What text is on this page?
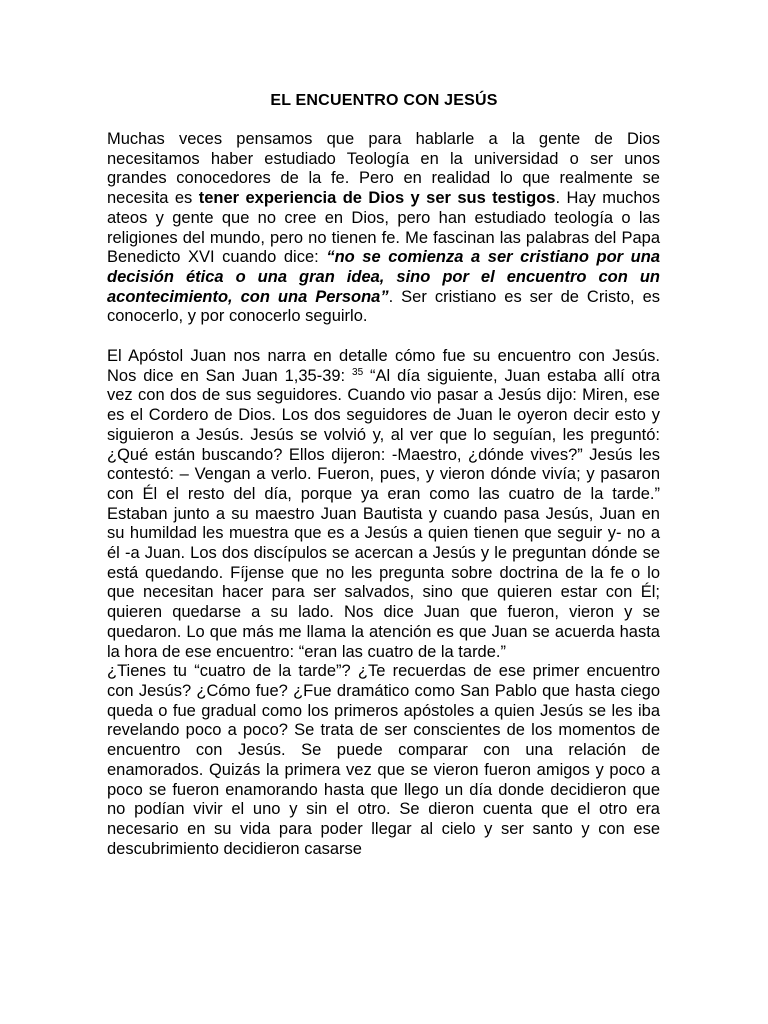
EL ENCUENTRO CON JESÚS

Muchas veces pensamos que para hablarle a la gente de Dios necesitamos haber estudiado Teología en la universidad o ser unos grandes conocedores de la fe. Pero en realidad lo que realmente se necesita es tener experiencia de Dios y ser sus testigos. Hay muchos ateos y gente que no cree en Dios, pero han estudiado teología o las religiones del mundo, pero no tienen fe. Me fascinan las palabras del Papa Benedicto XVI cuando dice: “no se comienza a ser cristiano por una decisión ética o una gran idea, sino por el encuentro con un acontecimiento, con una Persona”. Ser cristiano es ser de Cristo, es conocerlo, y por conocerlo seguirlo.

El Apóstol Juan nos narra en detalle cómo fue su encuentro con Jesús. Nos dice en San Juan 1,35-39: $^{35}$ “Al día siguiente, Juan estaba allí otra vez con dos de sus seguidores. Cuando vio pasar a Jesús dijo: Miren, ese es el Cordero de Dios. Los dos seguidores de Juan le oyeron decir esto y siguieron a Jesús. Jesús se volvió y, al ver que lo seguían, les preguntó: ¿Qué están buscando? Ellos dijeron: -Maestro, ¿dónde vives?” Jesús les contestó: – Vengan a verlo. Fueron, pues, y vieron dónde vivía; y pasaron con Él el resto del día, porque ya eran como las cuatro de la tarde.” Estaban junto a su maestro Juan Bautista y cuando pasa Jesús, Juan en su humildad les muestra que es a Jesús a quien tienen que seguir y- no a él -a Juan. Los dos discípulos se acercan a Jesús y le preguntan dónde se está quedando. Fíjense que no les pregunta sobre doctrina de la fe o lo que necesitan hacer para ser salvados, sino que quieren estar con Él; quieren quedarse a su lado. Nos dice Juan que fueron, vieron y se quedaron. Lo que más me llama la atención es que Juan se acuerda hasta la hora de ese encuentro: “eran las cuatro de la tarde.”

¿Tienes tu “cuatro de la tarde”? ¿Te recuerdas de ese primer encuentro con Jesús? ¿Cómo fue? ¿Fue dramático como San Pablo que hasta ciego queda o fue gradual como los primeros apóstoles a quien Jesús se les iba revelando poco a poco? Se trata de ser conscientes de los momentos de encuentro con Jesús. Se puede comparar con una relación de enamorados. Quizás la primera vez que se vieron fueron amigos y poco a poco se fueron enamorando hasta que llego un día donde decidieron que no podían vivir el uno y sin el otro. Se dieron cuenta que el otro era necesario en su vida para poder llegar al cielo y ser santo y con ese descubrimiento decidieron casarse
